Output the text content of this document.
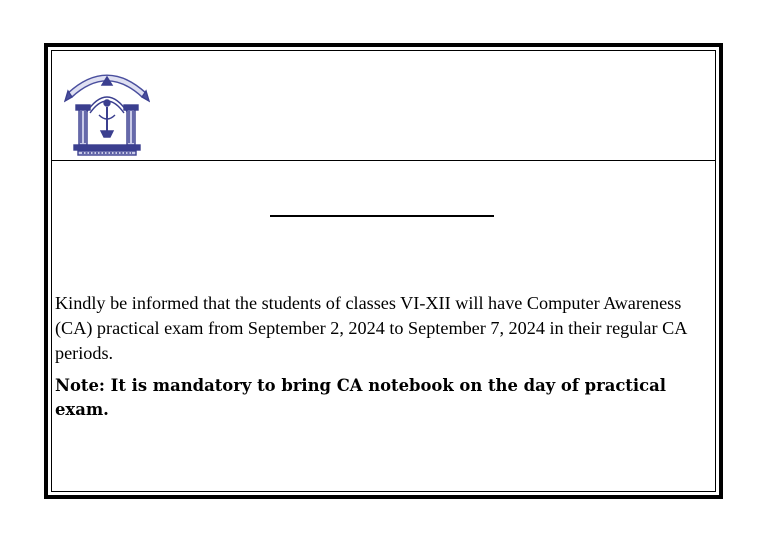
Kindly be informed that the students of classes VI-XII will have Computer Awareness (CA) practical exam from September 2, 2024 to September 7, 2024 in their regular CA periods.

Note: It is mandatory to bring CA notebook on the day of practical exam.
